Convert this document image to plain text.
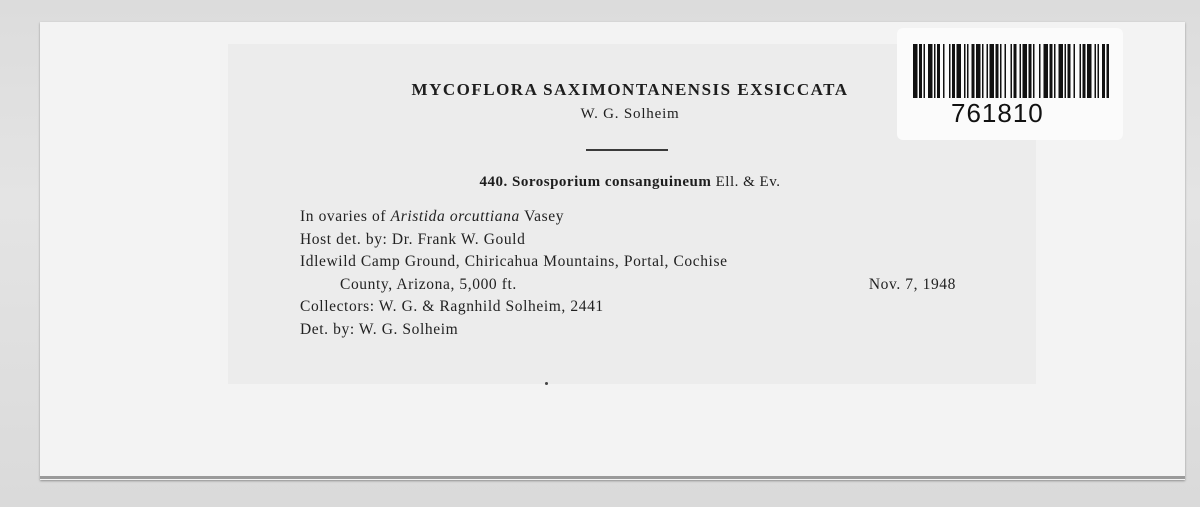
MYCOFLORA SAXIMONTANENSIS EXSICCATA
W. G. Solheim
440. Sorosporium consanguineum Ell. & Ev.
In ovaries of Aristida orcuttiana Vasey
Host det. by: Dr. Frank W. Gould
Idlewild Camp Ground, Chiricahua Mountains, Portal, Cochise
County, Arizona, 5,000 ft.	Nov. 7, 1948
Collectors: W. G. & Ragnhild Solheim, 2441
Det. by: W. G. Solheim
761810
